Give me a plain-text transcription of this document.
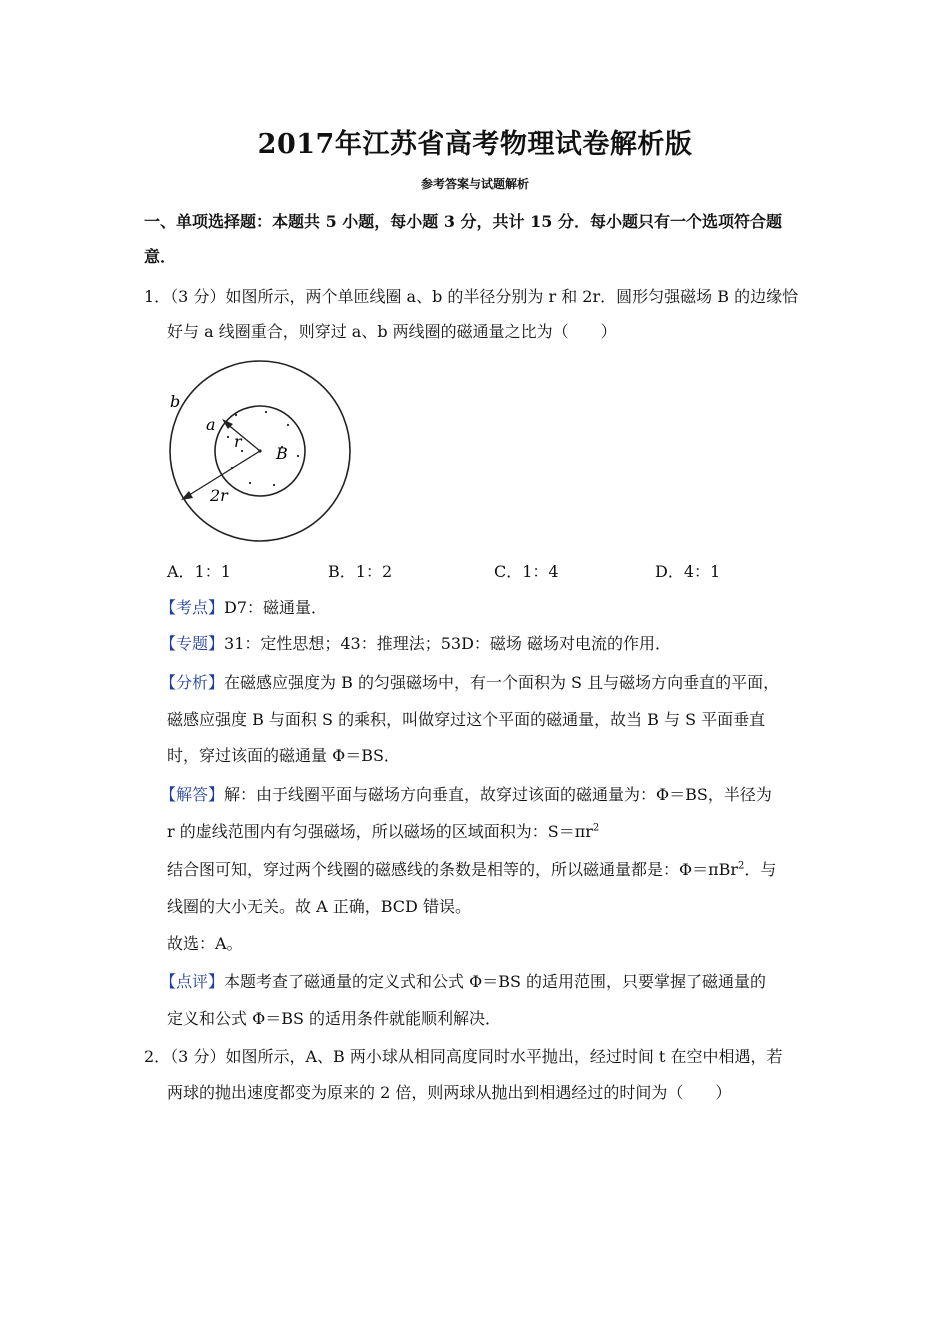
2017年江苏省高考物理试卷解析版
参考答案与试题解析
一、单项选择题：本题共 5 小题，每小题 3 分，共计 15 分．每小题只有一个选项符合题
意．
1．（3 分）如图所示，两个单匝线圈 a、b 的半径分别为 r 和 2r．圆形匀强磁场 B 的边缘恰
好与 a 线圈重合，则穿过 a、b 两线圈的磁通量之比为（　　）
b
a
r
B
2r
A．1：1	B．1：2	C．1：4	D．4：1
【考点】D7：磁通量．
【专题】31：定性思想；43：推理法；53D：磁场 磁场对电流的作用．
【分析】在磁感应强度为 B 的匀强磁场中，有一个面积为 S 且与磁场方向垂直的平面，
磁感应强度 B 与面积 S 的乘积，叫做穿过这个平面的磁通量，故当 B 与 S 平面垂直
时，穿过该面的磁通量 Φ＝BS．
【解答】解：由于线圈平面与磁场方向垂直，故穿过该面的磁通量为：Φ＝BS，半径为
r 的虚线范围内有匀强磁场，所以磁场的区域面积为：$S=\pi r^2$
结合图可知，穿过两个线圈的磁感线的条数是相等的，所以磁通量都是：Φ＝πBr$^2$．与
线圈的大小无关。故 A 正确，BCD 错误。
故选：A。
【点评】本题考查了磁通量的定义式和公式 Φ＝BS 的适用范围，只要掌握了磁通量的
定义和公式 Φ＝BS 的适用条件就能顺利解决．
2．（3 分）如图所示，A、B 两小球从相同高度同时水平抛出，经过时间 t 在空中相遇，若
两球的抛出速度都变为原来的 2 倍，则两球从抛出到相遇经过的时间为（　　）
